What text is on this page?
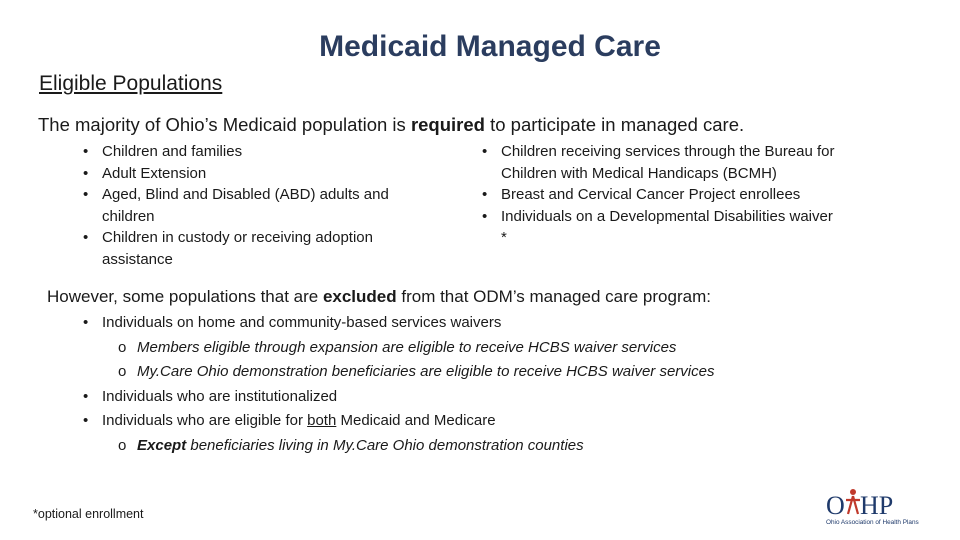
Medicaid Managed Care
Eligible Populations
The majority of Ohio’s Medicaid population is required to participate in managed care.
• Children and families
• Adult Extension
• Aged, Blind and Disabled (ABD) adults and children
• Children in custody or receiving adoption assistance
• Children receiving services through the Bureau for Children with Medical Handicaps (BCMH)
• Breast and Cervical Cancer Project enrollees
• Individuals on a Developmental Disabilities waiver *
However, some populations that are excluded from that ODM’s managed care program:
• Individuals on home and community-based services waivers
o Members eligible through expansion are eligible to receive HCBS waiver services
o My.Care Ohio demonstration beneficiaries are eligible to receive HCBS waiver services
• Individuals who are institutionalized
• Individuals who are eligible for both Medicaid and Medicare
o Except beneficiaries living in My.Care Ohio demonstration counties
*optional enrollment	O HP
Ohio Association of Health Plans
